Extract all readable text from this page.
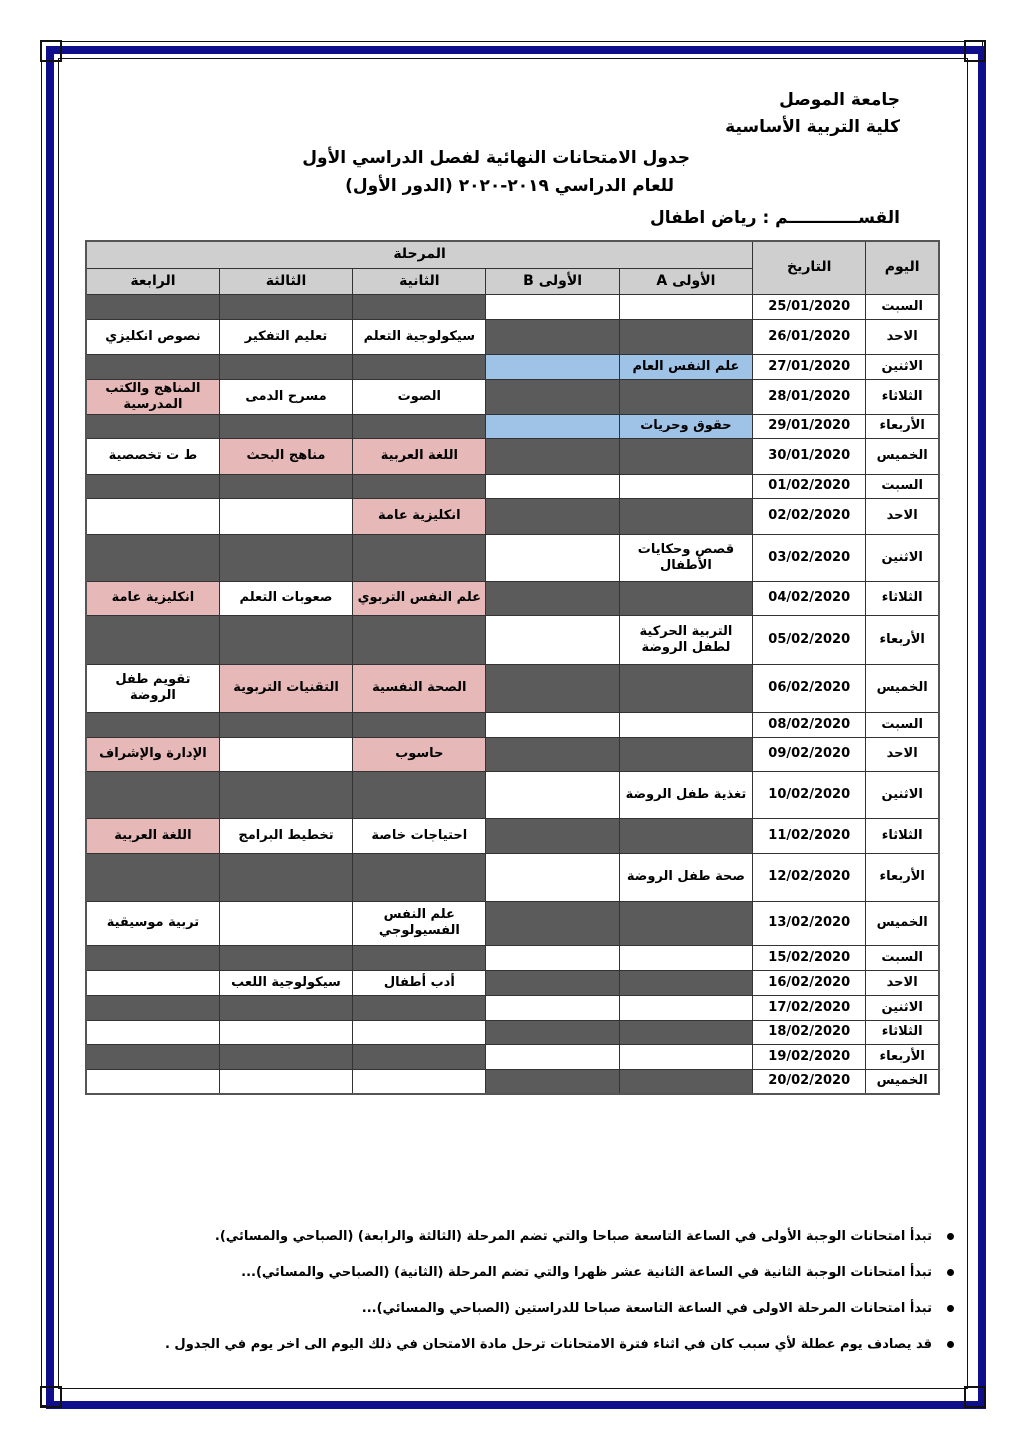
جامعة الموصل
كلية التربية الأساسية
جدول الامتحانات النهائية لفصل الدراسي الأول
للعام الدراسي ٢٠١٩-٢٠٢٠ (الدور الأول)
القســــــــــــم : رياض اطفال
اليوم	التاريخ	المرحلة				
		الأولى A	الأولى B	الثانية	الثالثة	الرابعة
السبت	25/01/2020					
الاحد	26/01/2020			سيكولوجية التعلم	تعليم التفكير	نصوص انكليزي
الاثنين	27/01/2020	علم النفس العام				
الثلاثاء	28/01/2020			الصوت	مسرح الدمى	المناهج والكتب المدرسية
الأربعاء	29/01/2020	حقوق وحريات				
الخميس	30/01/2020			اللغة العربية	مناهج البحث	ط ت تخصصية
السبت	01/02/2020					
الاحد	02/02/2020			انكليزية عامة		
الاثنين	03/02/2020	قصص وحكايات الأطفال				
الثلاثاء	04/02/2020			علم النفس التربوي	صعوبات التعلم	انكليزية عامة
الأربعاء	05/02/2020	التربية الحركية لطفل الروضة				
الخميس	06/02/2020			الصحة النفسية	التقنيات التربوية	تقويم طفل الروضة
السبت	08/02/2020					
الاحد	09/02/2020			حاسوب		الإدارة والإشراف
الاثنين	10/02/2020	تغذية طفل الروضة				
الثلاثاء	11/02/2020			احتياجات خاصة	تخطيط البرامج	اللغة العربية
الأربعاء	12/02/2020	صحة طفل الروضة				
الخميس	13/02/2020			علم النفس الفسيولوجي		تربية موسيقية
السبت	15/02/2020					
الاحد	16/02/2020			أدب أطفال	سيكولوجية اللعب	
الاثنين	17/02/2020					
الثلاثاء	18/02/2020					
الأربعاء	19/02/2020					
الخميس	20/02/2020					
تبدأ امتحانات الوجبة الأولى في الساعة التاسعة صباحا والتي تضم المرحلة (الثالثة والرابعة) (الصباحي والمسائي).
تبدأ امتحانات الوجبة الثانية في الساعة الثانية عشر ظهرا والتي تضم المرحلة (الثانية) (الصباحي والمسائي)...
تبدأ امتحانات المرحلة الاولى في الساعة التاسعة صباحا للدراستين (الصباحي والمسائي)...
قد يصادف يوم عطلة لأي سبب كان في اثناء فترة الامتحانات ترحل مادة الامتحان في ذلك اليوم الى اخر يوم في الجدول .
